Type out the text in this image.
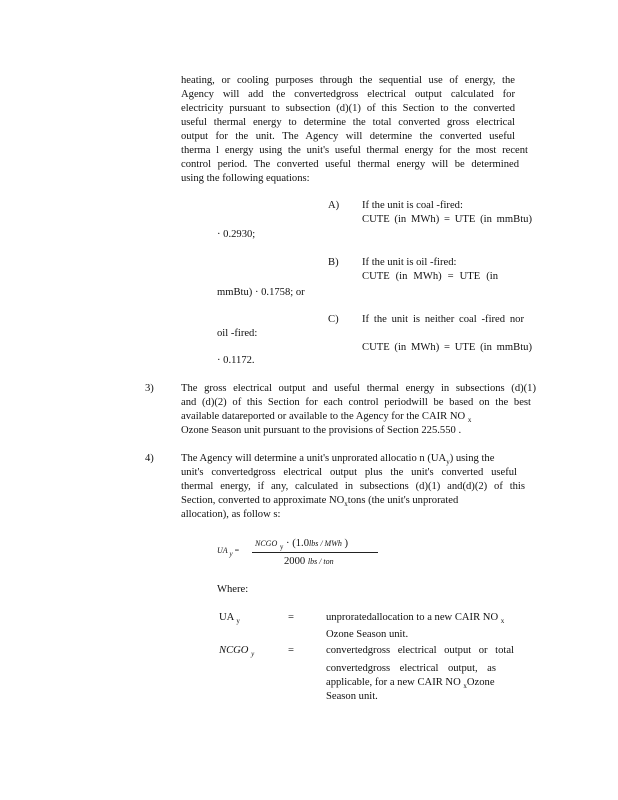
heating, or cooling purposes through the sequential use of energy, the
Agency will add the convertedgross electrical output calculated for
electricity pursuant to subsection (d)(1) of this Section to the converted
useful thermal energy to determine the total converted gross electrical
output for the unit. The Agency will determine the converted useful
therma l energy using the unit's useful thermal energy for the most recent
control period. The converted useful thermal energy will be determined
using the following equations:
A) If the unit is coal -fired:
CUTE (in MWh) = UTE (in mmBtu)
· 0.2930;
B) If the unit is oil -fired:
CUTE (in MWh) = UTE (in
mmBtu) · 0.1758; or
C) If the unit is neither coal -fired nor
oil -fired:
CUTE (in MWh) = UTE (in mmBtu)
· 0.1172.
3)	The gross electrical output and useful thermal energy in subsections (d)(1)
and (d)(2) of this Section for each control periodwill be based on the best
available datareported or available to the Agency for the CAIR NO $_x$
Ozone Season unit pursuant to the provisions of Section 225.550 .
4)	The Agency will determine a unit's unprorated allocatio n $(UA_y)$ using the
unit's convertedgross electrical output plus the unit's converted useful
thermal energy, if any, calculated in subsections (d)(1) and(d)(2) of this
Section, converted to approximate $NO_xtons$ (the unit's unprorated
allocation), as follow s:
UA y =
NCGO $_y$ · (1.0lbs / MWh )
2000 lbs / ton
Where:
UA $_y$	=	unproratedallocation to a new CAIR NO $_x$
Ozone Season unit.
NCGO $_y$	=	convertedgross electrical output or total
convertedgross electrical output, as
applicable, for a new CAIR NO $_x$Ozone
Season unit.
